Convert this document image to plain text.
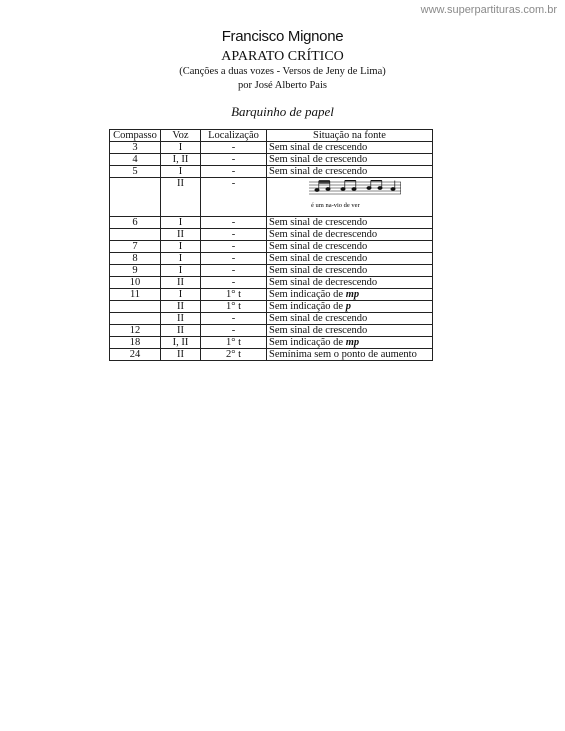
www.superpartituras.com.br
Francisco Mignone
APARATO CRÍTICO
(Canções a duas vozes - Versos de Jeny de Lima)
por José Alberto Pais
Barquinho de papel
Compasso	Voz	Localização	Situação na fonte
3	I	-	Sem sinal de crescendo
4	I, II	-	Sem sinal de crescendo
5	I	-	Sem sinal de crescendo
	II	-	é um na-vio de ver

6	I	-	Sem sinal de crescendo
	II	-	Sem sinal de decrescendo
7	I	-	Sem sinal de crescendo
8	I	-	Sem sinal de crescendo
9	I	-	Sem sinal de crescendo
10	II	-	Sem sinal de decrescendo
11	I	1° t	Sem indicação de mp
	II	1° t	Sem indicação de p
	II	-	Sem sinal de crescendo
12	II	-	Sem sinal de crescendo
18	I, II	1° t	Sem indicação de mp
24	II	2° t	Semínima sem o ponto de aumento
